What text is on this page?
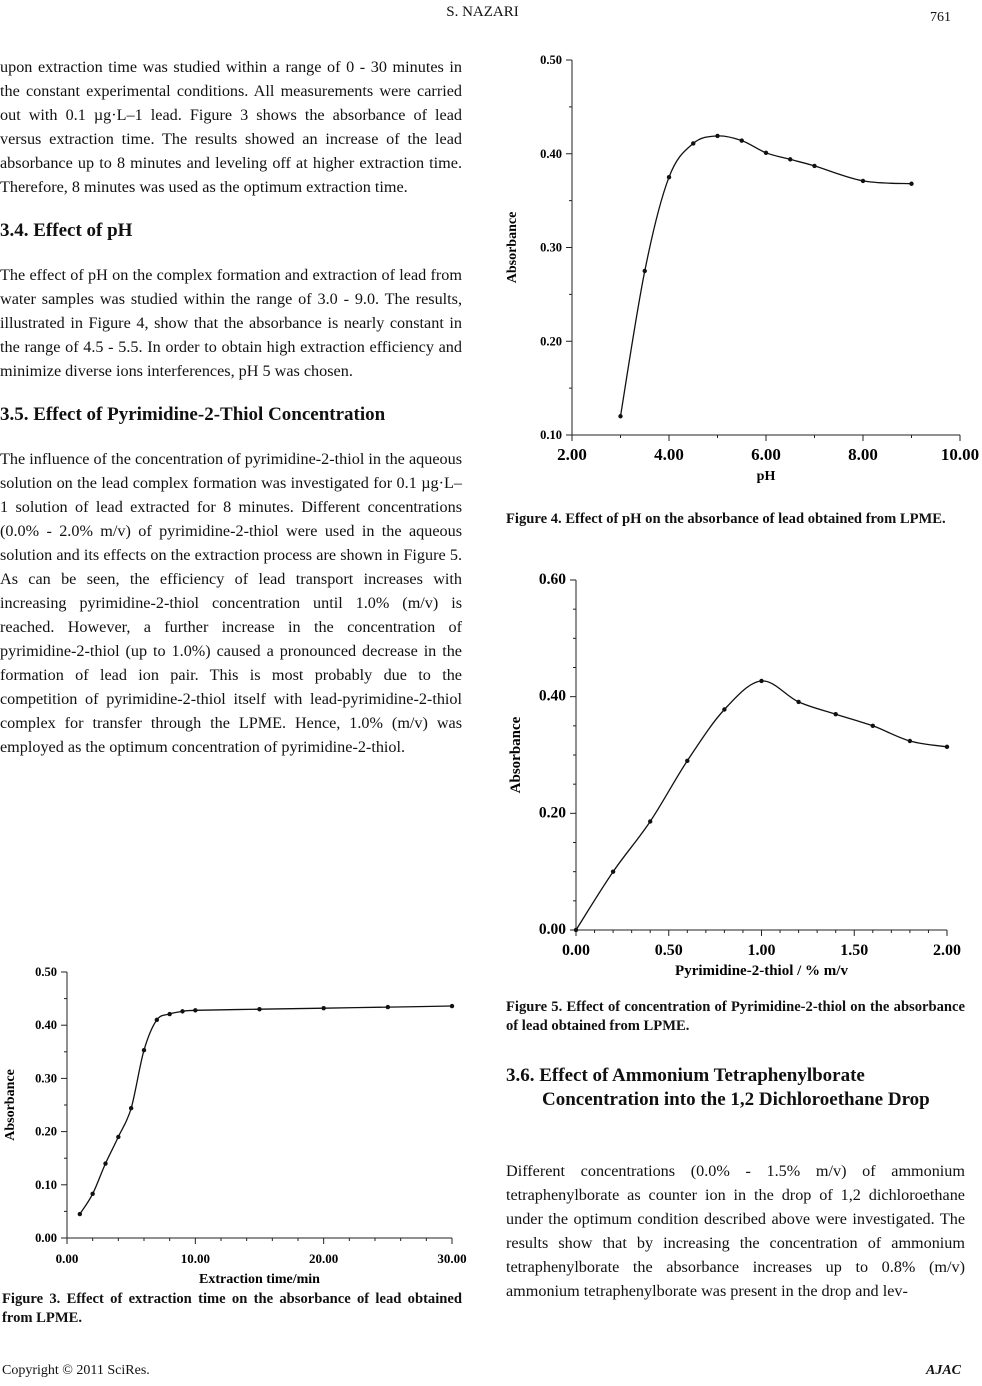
S. NAZARI	761

upon extraction time was studied within a range of 0 - 30 minutes in the constant experimental conditions. All measurements were carried out with 0.1 µg·L–1 lead. Figure 3 shows the absorbance of lead versus extraction time. The results showed an increase of the lead absorbance up to 8 minutes and leveling off at higher extraction time. Therefore, 8 minutes was used as the optimum extraction time.

3.4. Effect of pH

The effect of pH on the complex formation and extraction of lead from water samples was studied within the range of 3.0 - 9.0. The results, illustrated in Figure 4, show that the absorbance is nearly constant in the range of 4.5 - 5.5. In order to obtain high extraction efficiency and minimize diverse ions interferences, pH 5 was chosen.

3.5. Effect of Pyrimidine-2-Thiol Concentration

The influence of the concentration of pyrimidine-2-thiol in the aqueous solution on the lead complex formation was investigated for 0.1 µg·L–1 solution of lead extracted for 8 minutes. Different concentrations (0.0% - 2.0% m/v) of pyrimidine-2-thiol were used in the aqueous solution and its effects on the extraction process are shown in Figure 5. As can be seen, the efficiency of lead transport increases with increasing pyrimidine-2-thiol concentration until 1.0% (m/v) is reached. However, a further increase in the concentration of pyrimidine-2-thiol (up to 1.0%) caused a pronounced decrease in the formation of lead ion pair. This is most probably due to the competition of pyrimidine-2-thiol itself with lead-pyrimidine-2-thiol complex for transfer through the LPME. Hence, 1.0% (m/v) was employed as the optimum concentration of pyrimidine-2-thiol.

0.10
0.20
0.30
0.40
0.50
2.00	4.00	6.00	8.00	10.00
pH
Absorbance
Figure 4. Effect of pH on the absorbance of lead obtained from LPME.
0.00
0.20
0.40
0.60
0.00	0.50	1.00	1.50	2.00
Pyrimidine-2-thiol / % m/v
Absorbance
Figure 5. Effect of concentration of Pyrimidine-2-thiol on the absorbance of lead obtained from LPME.
3.6. Effect of Ammonium Tetraphenylborate Concentration into the 1,2 Dichloroethane Drop

Different concentrations (0.0% - 1.5% m/v) of ammonium tetraphenylborate as counter ion in the drop of 1,2 dichloroethane under the optimum condition described above were investigated. The results show that by increasing the concentration of ammonium tetraphenylborate the absorbance increases up to 0.8% (m/v) ammonium tetraphenylborate was present in the drop and lev-

0.00
0.10
0.20
0.30
0.40
0.50
0.00	10.00	20.00	30.00
Extraction time/min
Absorbance
Figure 3. Effect of extraction time on the absorbance of lead obtained from LPME.
Copyright © 2011 SciRes.	AJAC
